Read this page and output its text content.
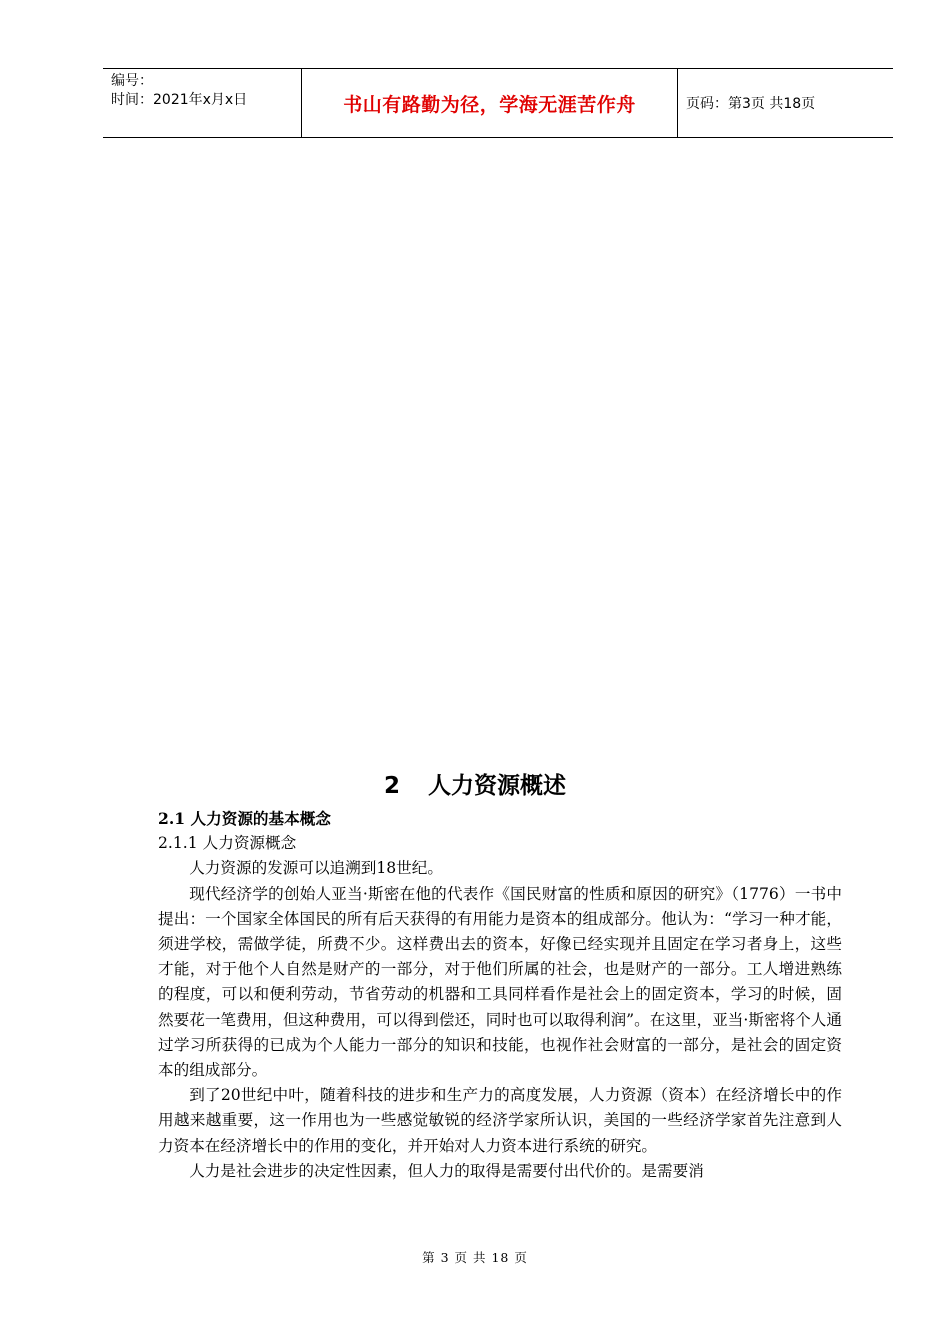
编号：
时间：2021年x月x日	书山有路勤为径，学海无涯苦作舟	页码：第3页 共18页
2 人力资源概述
2.1 人力资源的基本概念
2.1.1 人力资源概念
人力资源的发源可以追溯到18世纪。
现代经济学的创始人亚当·斯密在他的代表作《国民财富的性质和原因的研究》（1776）一书中提出：一个国家全体国民的所有后天获得的有用能力是资本的组成部分。他认为：“学习一种才能，须进学校，需做学徒，所费不少。这样费出去的资本，好像已经实现并且固定在学习者身上，这些才能，对于他个人自然是财产的一部分，对于他们所属的社会，也是财产的一部分。工人增进熟练的程度，可以和便利劳动，节省劳动的机器和工具同样看作是社会上的固定资本，学习的时候，固然要花一笔费用，但这种费用，可以得到偿还，同时也可以取得利润”。在这里，亚当·斯密将个人通过学习所获得的已成为个人能力一部分的知识和技能，也视作社会财富的一部分，是社会的固定资本的组成部分。
到了20世纪中叶，随着科技的进步和生产力的高度发展，人力资源（资本）在经济增长中的作用越来越重要，这一作用也为一些感觉敏锐的经济学家所认识，美国的一些经济学家首先注意到人力资本在经济增长中的作用的变化，并开始对人力资本进行系统的研究。
人力是社会进步的决定性因素，但人力的取得是需要付出代价的。是需要消
第 3 页 共 18 页
